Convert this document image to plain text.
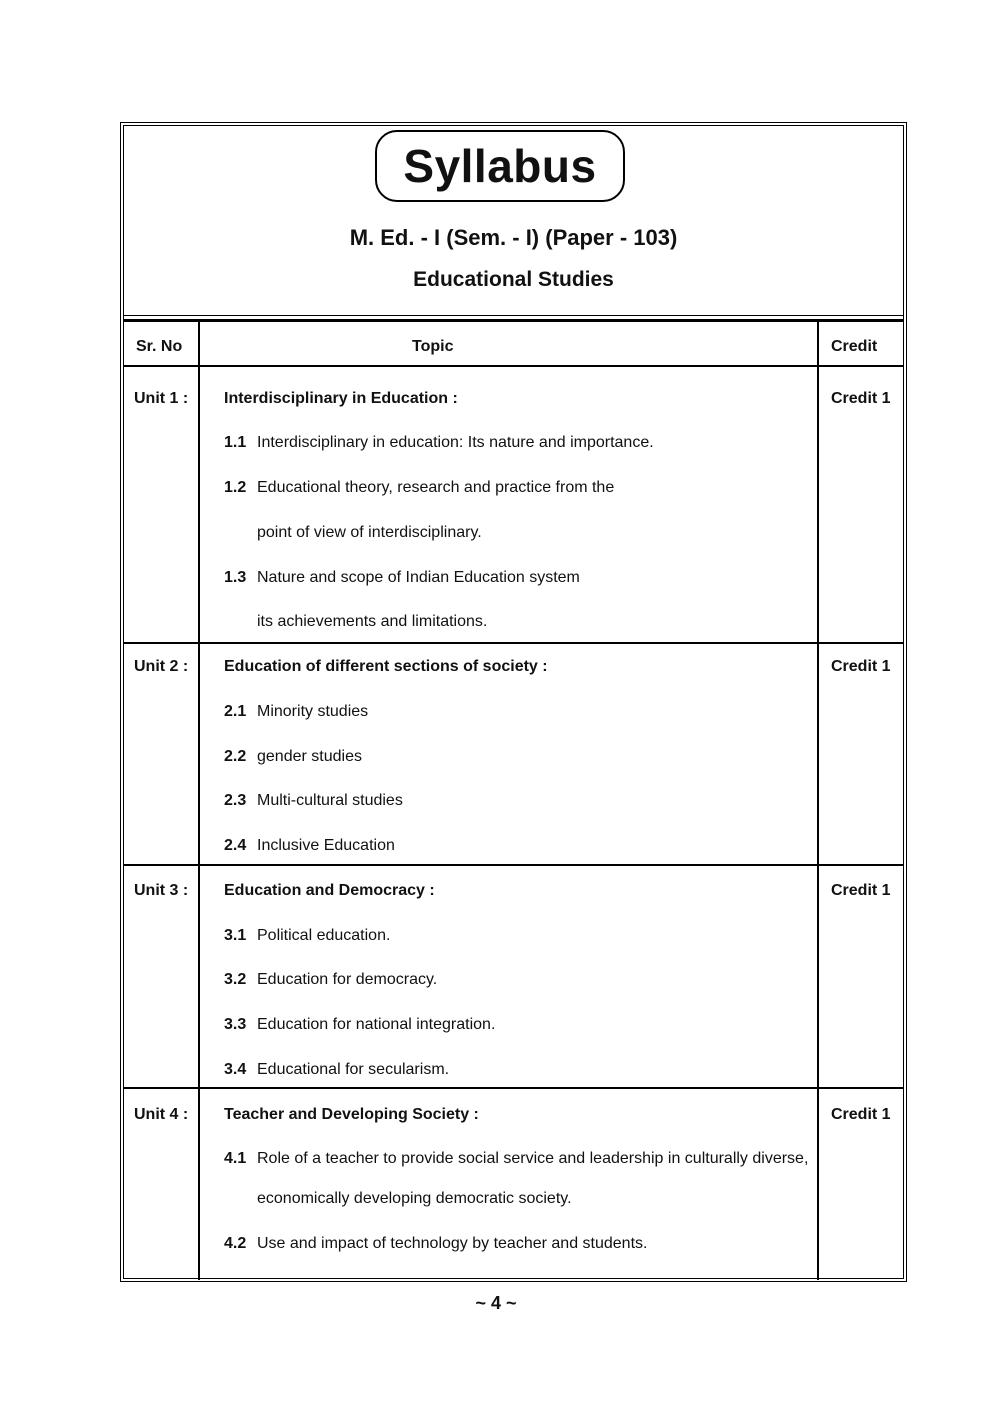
Syllabus
M. Ed. - I (Sem. - I) (Paper - 103)
Educational Studies
Sr. No	Topic	Credit
Unit 1 : Interdisciplinary in Education :	Credit 1
1.1 Interdisciplinary in education: Its nature and importance.
1.2 Educational theory, research and practice from the
point of view of interdisciplinary.
1.3 Nature and scope of Indian Education system
its achievements and limitations.
Unit 2 : Education of different sections of society :	Credit 1
2.1 Minority studies
2.2 gender studies
2.3 Multi-cultural studies
2.4 Inclusive Education
Unit 3 : Education and Democracy :	Credit 1
3.1 Political education.
3.2 Education for democracy.
3.3 Education for national integration.
3.4 Educational for secularism.
Unit 4 : Teacher and Developing Society :	Credit 1
4.1 Role of a teacher to provide social service and leadership in culturally diverse,
economically developing democratic society.
4.2 Use and impact of technology by teacher and students.
~ 4 ~
